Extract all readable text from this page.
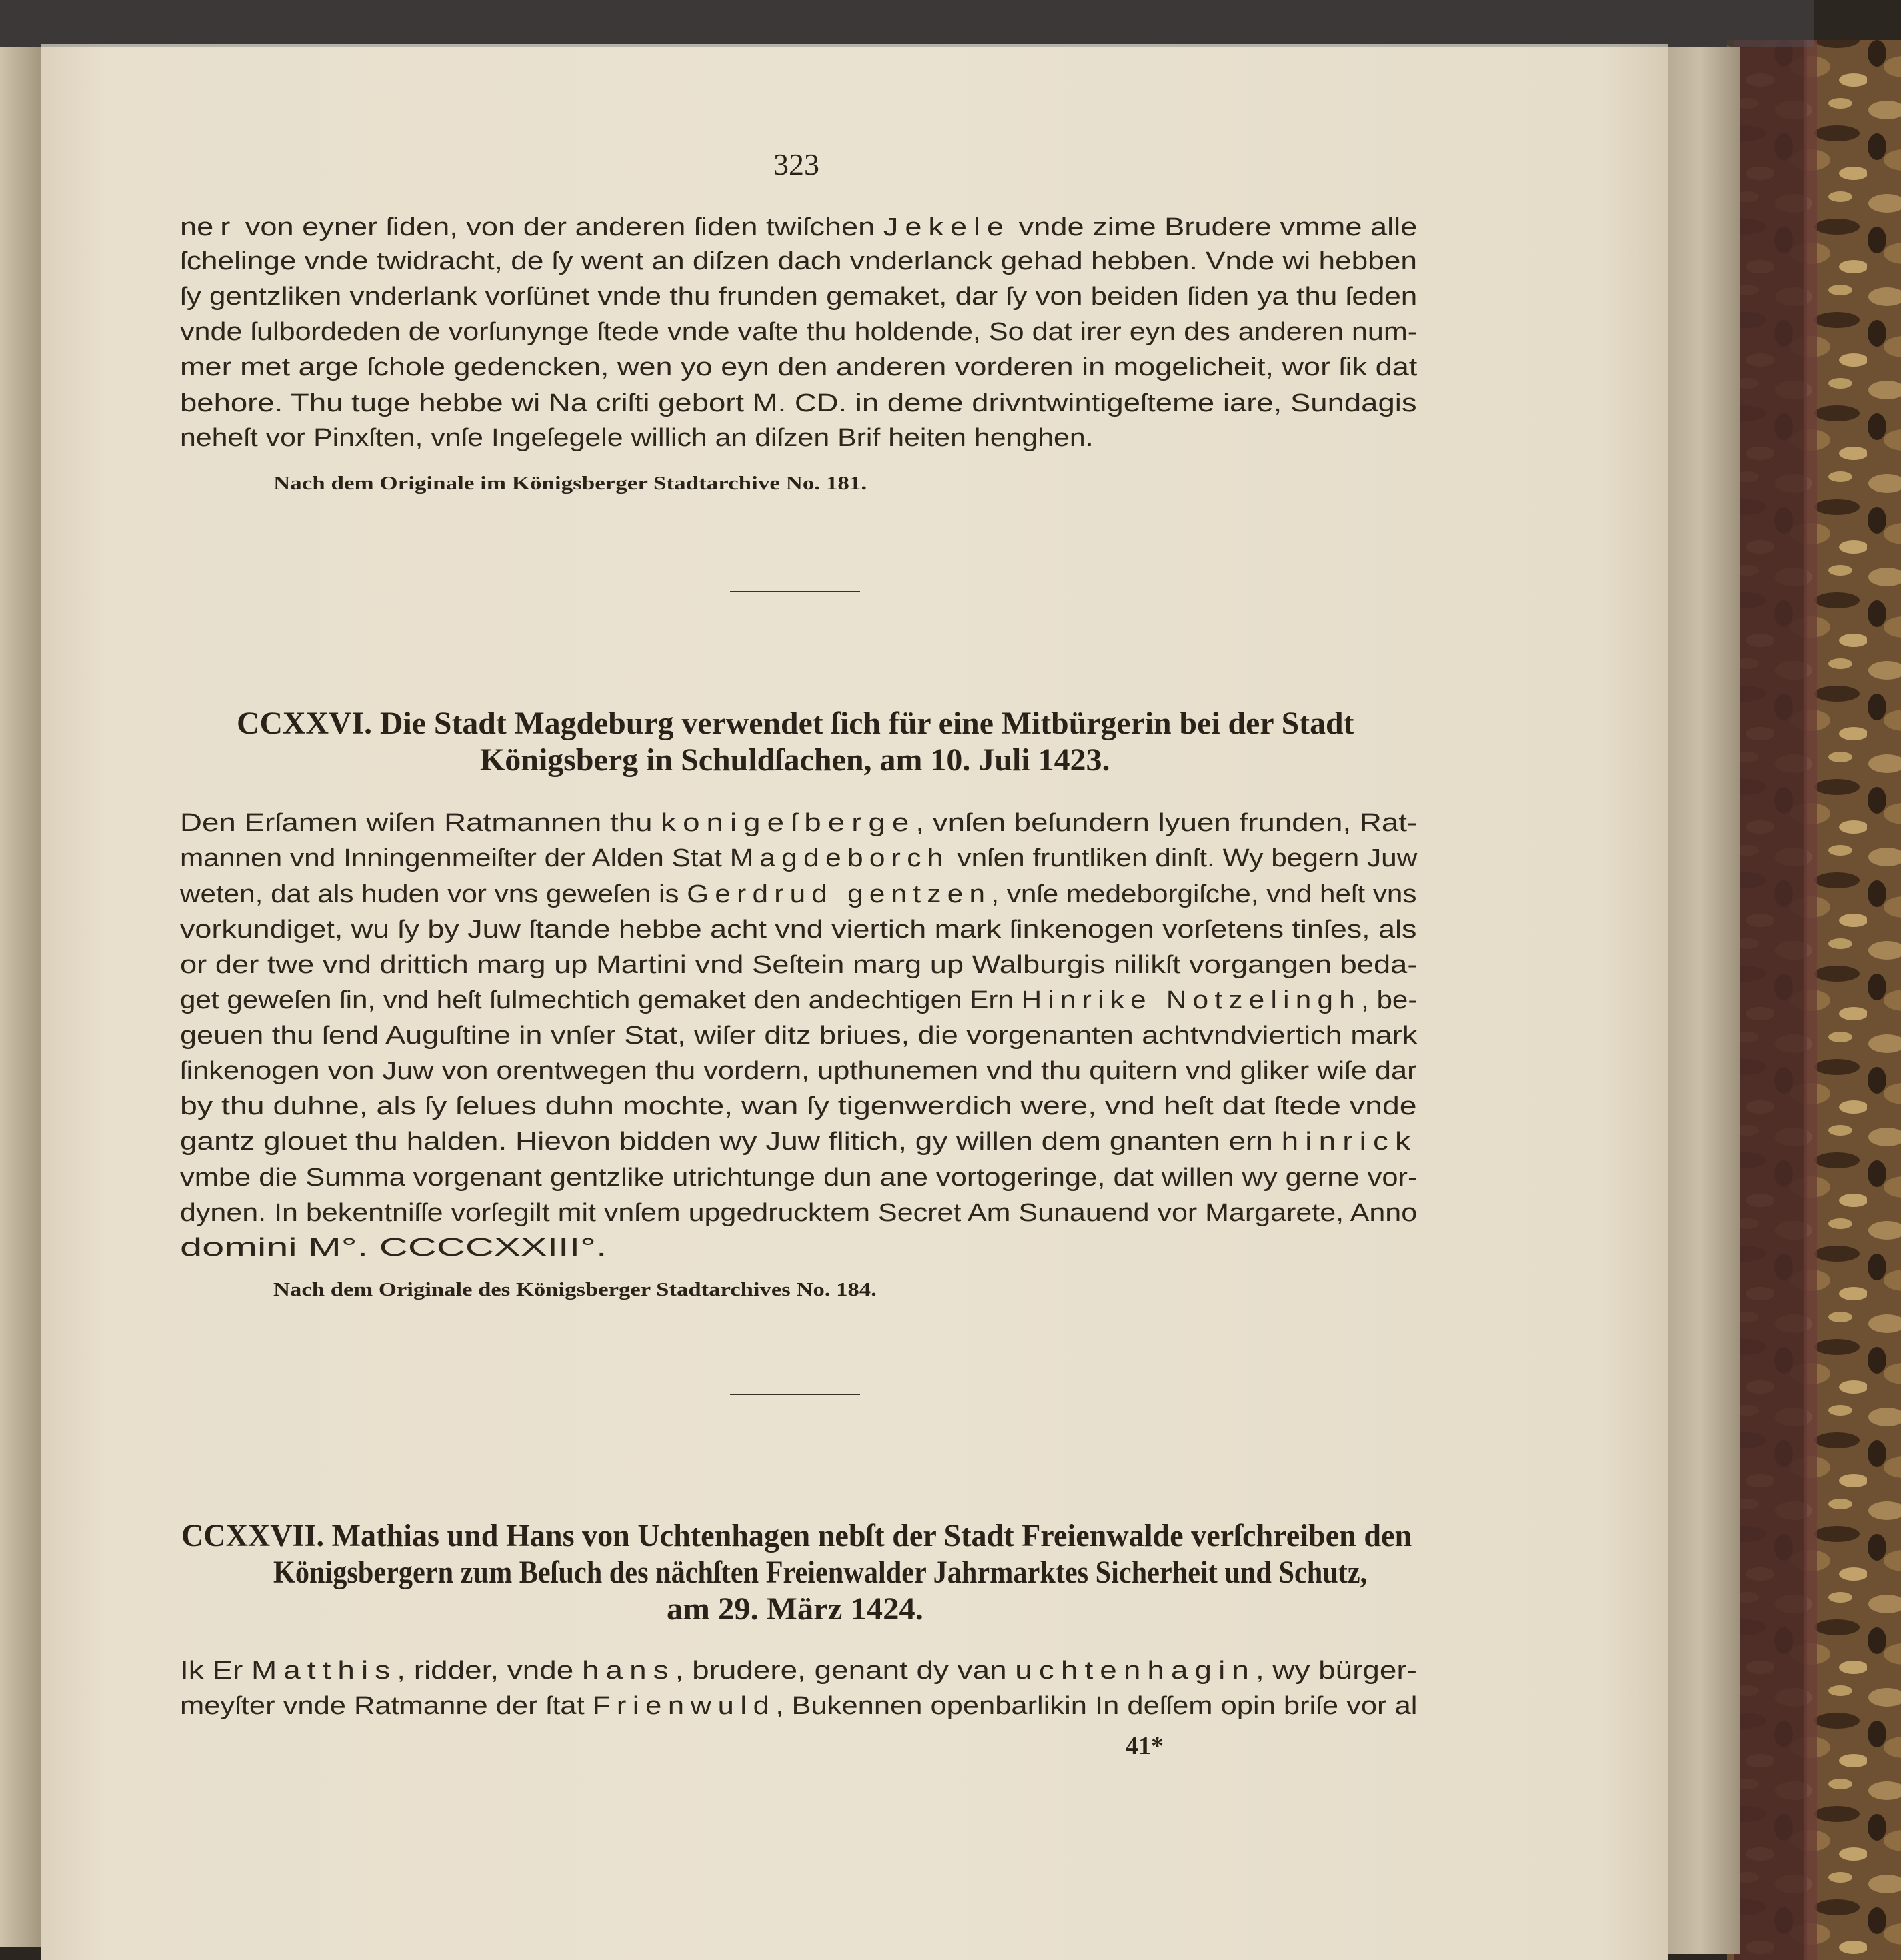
323
ner von eyner ſiden, von der anderen ſiden twiſchen Jekele vnde zime Brudere vmme alle
ſchelinge vnde twidracht, de ſy went an diſzen dach vnderlanck gehad hebben. Vnde wi hebben
ſy gentzliken vnderlank vorſünet vnde thu frunden gemaket, dar ſy von beiden ſiden ya thu ſeden
vnde ſulbordeden de vorſunynge ſtede vnde vaſte thu holdende, So dat irer eyn des anderen num-
mer met arge ſchole gedencken, wen yo eyn den anderen vorderen in mogelicheit, wor ſik dat
behore. Thu tuge hebbe wi Na criſti gebort M. CD. in deme drivntwintigeſteme iare, Sundagis
neheſt vor Pinxſten, vnſe Ingeſegele willich an diſzen Brif heiten henghen.
Nach dem Originale im Königsberger Stadtarchive No. 181.
CCXXVI. Die Stadt Magdeburg verwendet ſich für eine Mitbürgerin bei der Stadt
Königsberg in Schuldſachen, am 10. Juli 1423.
Den Erſamen wiſen Ratmannen thu konigeſberge, vnſen beſundern lyuen frunden, Rat-
mannen vnd Inningenmeiſter der Alden Stat Magdeborch vnſen fruntliken dinſt. Wy begern Juw
weten, dat als huden vor vns geweſen is Gerdrud gentzen, vnſe medeborgiſche, vnd heſt vns
vorkundiget, wu ſy by Juw ſtande hebbe acht vnd viertich mark ſinkenogen vorſetens tinſes, als
or der twe vnd drittich marg up Martini vnd Seſtein marg up Walburgis nilikſt vorgangen beda-
get geweſen ſin, vnd heſt ſulmechtich gemaket den andechtigen Ern Hinrike Notzelingh, be-
geuen thu ſend Auguſtine in vnſer Stat, wiſer ditz briues, die vorgenanten achtvndviertich mark
ſinkenogen von Juw von orentwegen thu vordern, upthunemen vnd thu quitern vnd gliker wiſe dar
by thu duhne, als ſy ſelues duhn mochte, wan ſy tigenwerdich were, vnd heſt dat ſtede vnde
gantz glouet thu halden. Hievon bidden wy Juw flitich, gy willen dem gnanten ern hinrick
vmbe die Summa vorgenant gentzlike utrichtunge dun ane vortogeringe, dat willen wy gerne vor-
dynen. In bekentniſſe vorſegilt mit vnſem upgedrucktem Secret Am Sunauend vor Margarete, Anno
domini M°. CCCCXXIII°.
Nach dem Originale des Königsberger Stadtarchives No. 184.
CCXXVII. Mathias und Hans von Uchtenhagen nebſt der Stadt Freienwalde verſchreiben den
Königsbergern zum Beſuch des nächſten Freienwalder Jahrmarktes Sicherheit und Schutz,
am 29. März 1424.
Ik Er Matthis, ridder, vnde hans, brudere, genant dy van uchtenhagin, wy bürger-
meyſter vnde Ratmanne der ſtat Frienwuld, Bukennen openbarlikin In deſſem opin briſe vor al
41*
